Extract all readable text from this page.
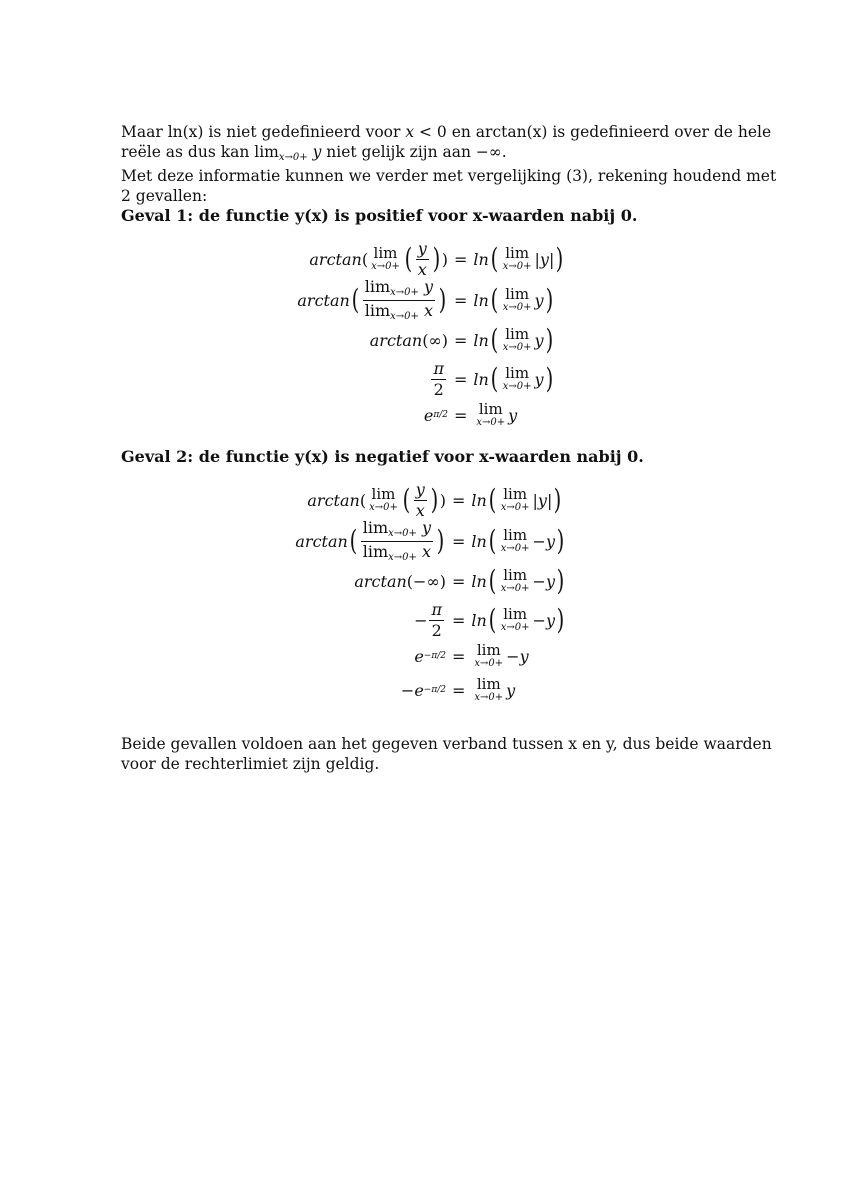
Maar ln(x) is niet gedefinieerd voor x < 0 en arctan(x) is gedefinieerd over de hele
reële as dus kan limx→0+ y niet gelijk zijn aan −∞.
Met deze informatie kunnen we verder met vergelijking (3), rekening houdend met
2 gevallen:
Geval 1: de functie y(x) is positief voor x-waarden nabij 0.
arctan ( lim
x→0+ ( $\frac{y}{x}$ ) ) = ln ( lim
x→0+ |y| )
arctan ( $\frac{\lim x\to 0+ y}{\lim x\to 0+ x}$ ) = ln ( lim
x→0+ y )
arctan (∞) = ln ( lim
x→0+ y )
$\frac{\pi}{2} = \ln$ ( lim
x→0+ y )
e π/2 = lim
x→0+ y
Geval 2: de functie y(x) is negatief voor x-waarden nabij 0.
arctan ( lim
x→0+ ( $\frac{y}{x}$ ) ) = ln ( lim
x→0+ |y| )
arctan ( $\frac{\lim x\to 0+ y}{\lim x\to 0+ x}$ ) = ln ( lim
x→0+ −y )
arctan (−∞) = ln ( lim
x→0+ −y )
− $\frac{\pi}{2} = \ln$ ( lim
x→0+ −y )
e −π/2 = lim
x→0+ −y
− e −π/2 = lim
x→0+ y
Beide gevallen voldoen aan het gegeven verband tussen x en y, dus beide waarden
voor de rechterlimiet zijn geldig.
